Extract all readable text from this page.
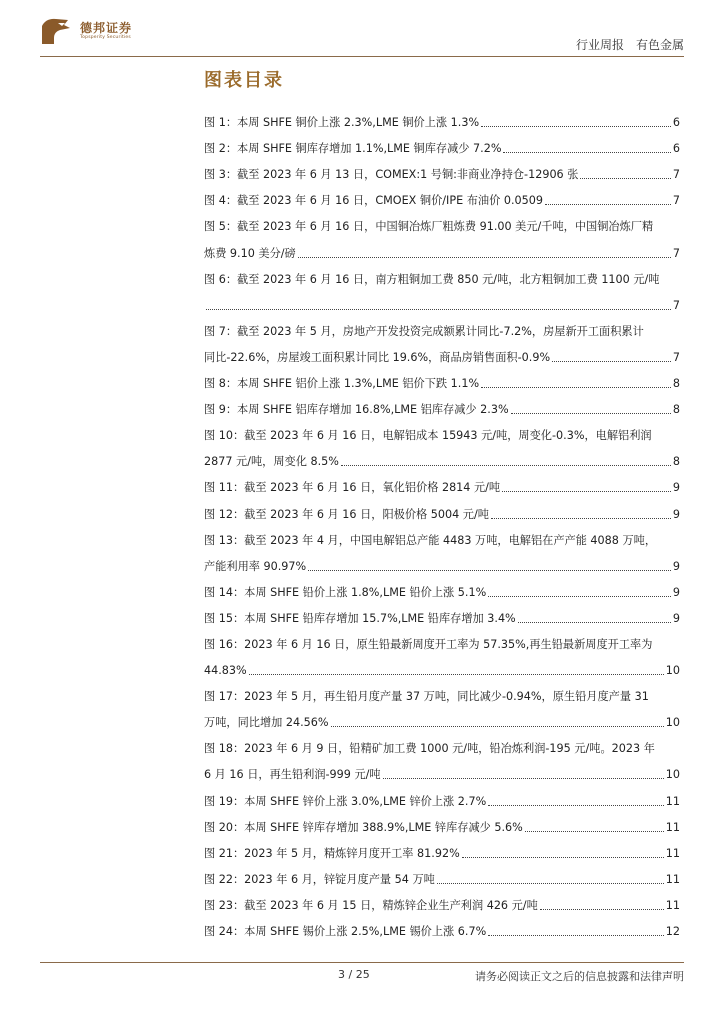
德邦证券
Topsperity Securities
行业周报 有色金属
图表目录
图 1：本周 SHFE 铜价上涨 2.3%,LME 铜价上涨 1.3%	6
图 2：本周 SHFE 铜库存增加 1.1%,LME 铜库存减少 7.2%	6
图 3：截至 2023 年 6 月 13 日，COMEX:1 号铜:非商业净持仓-12906 张	7
图 4：截至 2023 年 6 月 16 日，CMOEX 铜价/IPE 布油价 0.0509	7
图 5：截至 2023 年 6 月 16 日，中国铜冶炼厂粗炼费 91.00 美元/千吨，中国铜冶炼厂精
炼费 9.10 美分/磅	7
图 6：截至 2023 年 6 月 16 日，南方粗铜加工费 850 元/吨，北方粗铜加工费 1100 元/吨
7
图 7：截至 2023 年 5 月，房地产开发投资完成额累计同比-7.2%，房屋新开工面积累计
同比-22.6%，房屋竣工面积累计同比 19.6%，商品房销售面积-0.9%	7
图 8：本周 SHFE 铝价上涨 1.3%,LME 铝价下跌 1.1%	8
图 9：本周 SHFE 铝库存增加 16.8%,LME 铝库存减少 2.3%	8
图 10：截至 2023 年 6 月 16 日，电解铝成本 15943 元/吨，周变化-0.3%，电解铝利润
2877 元/吨，周变化 8.5%	8
图 11：截至 2023 年 6 月 16 日，氧化铝价格 2814 元/吨	9
图 12：截至 2023 年 6 月 16 日，阳极价格 5004 元/吨	9
图 13：截至 2023 年 4 月，中国电解铝总产能 4483 万吨，电解铝在产产能 4088 万吨，
产能利用率 90.97%	9
图 14：本周 SHFE 铅价上涨 1.8%,LME 铅价上涨 5.1%	9
图 15：本周 SHFE 铅库存增加 15.7%,LME 铅库存增加 3.4%	9
图 16：2023 年 6 月 16 日，原生铅最新周度开工率为 57.35%,再生铅最新周度开工率为
44.83%	10
图 17：2023 年 5 月，再生铅月度产量 37 万吨，同比减少-0.94%，原生铅月度产量 31
万吨，同比增加 24.56%	10
图 18：2023 年 6 月 9 日，铅精矿加工费 1000 元/吨，铅冶炼利润-195 元/吨。2023 年
6 月 16 日，再生铅利润-999 元/吨	10
图 19：本周 SHFE 锌价上涨 3.0%,LME 锌价上涨 2.7%	11
图 20：本周 SHFE 锌库存增加 388.9%,LME 锌库存减少 5.6%	11
图 21：2023 年 5 月，精炼锌月度开工率 81.92%	11
图 22：2023 年 6 月，锌锭月度产量 54 万吨	11
图 23：截至 2023 年 6 月 15 日，精炼锌企业生产利润 426 元/吨	11
图 24：本周 SHFE 锡价上涨 2.5%,LME 锡价上涨 6.7%	12
3 / 25	请务必阅读正文之后的信息披露和法律声明
